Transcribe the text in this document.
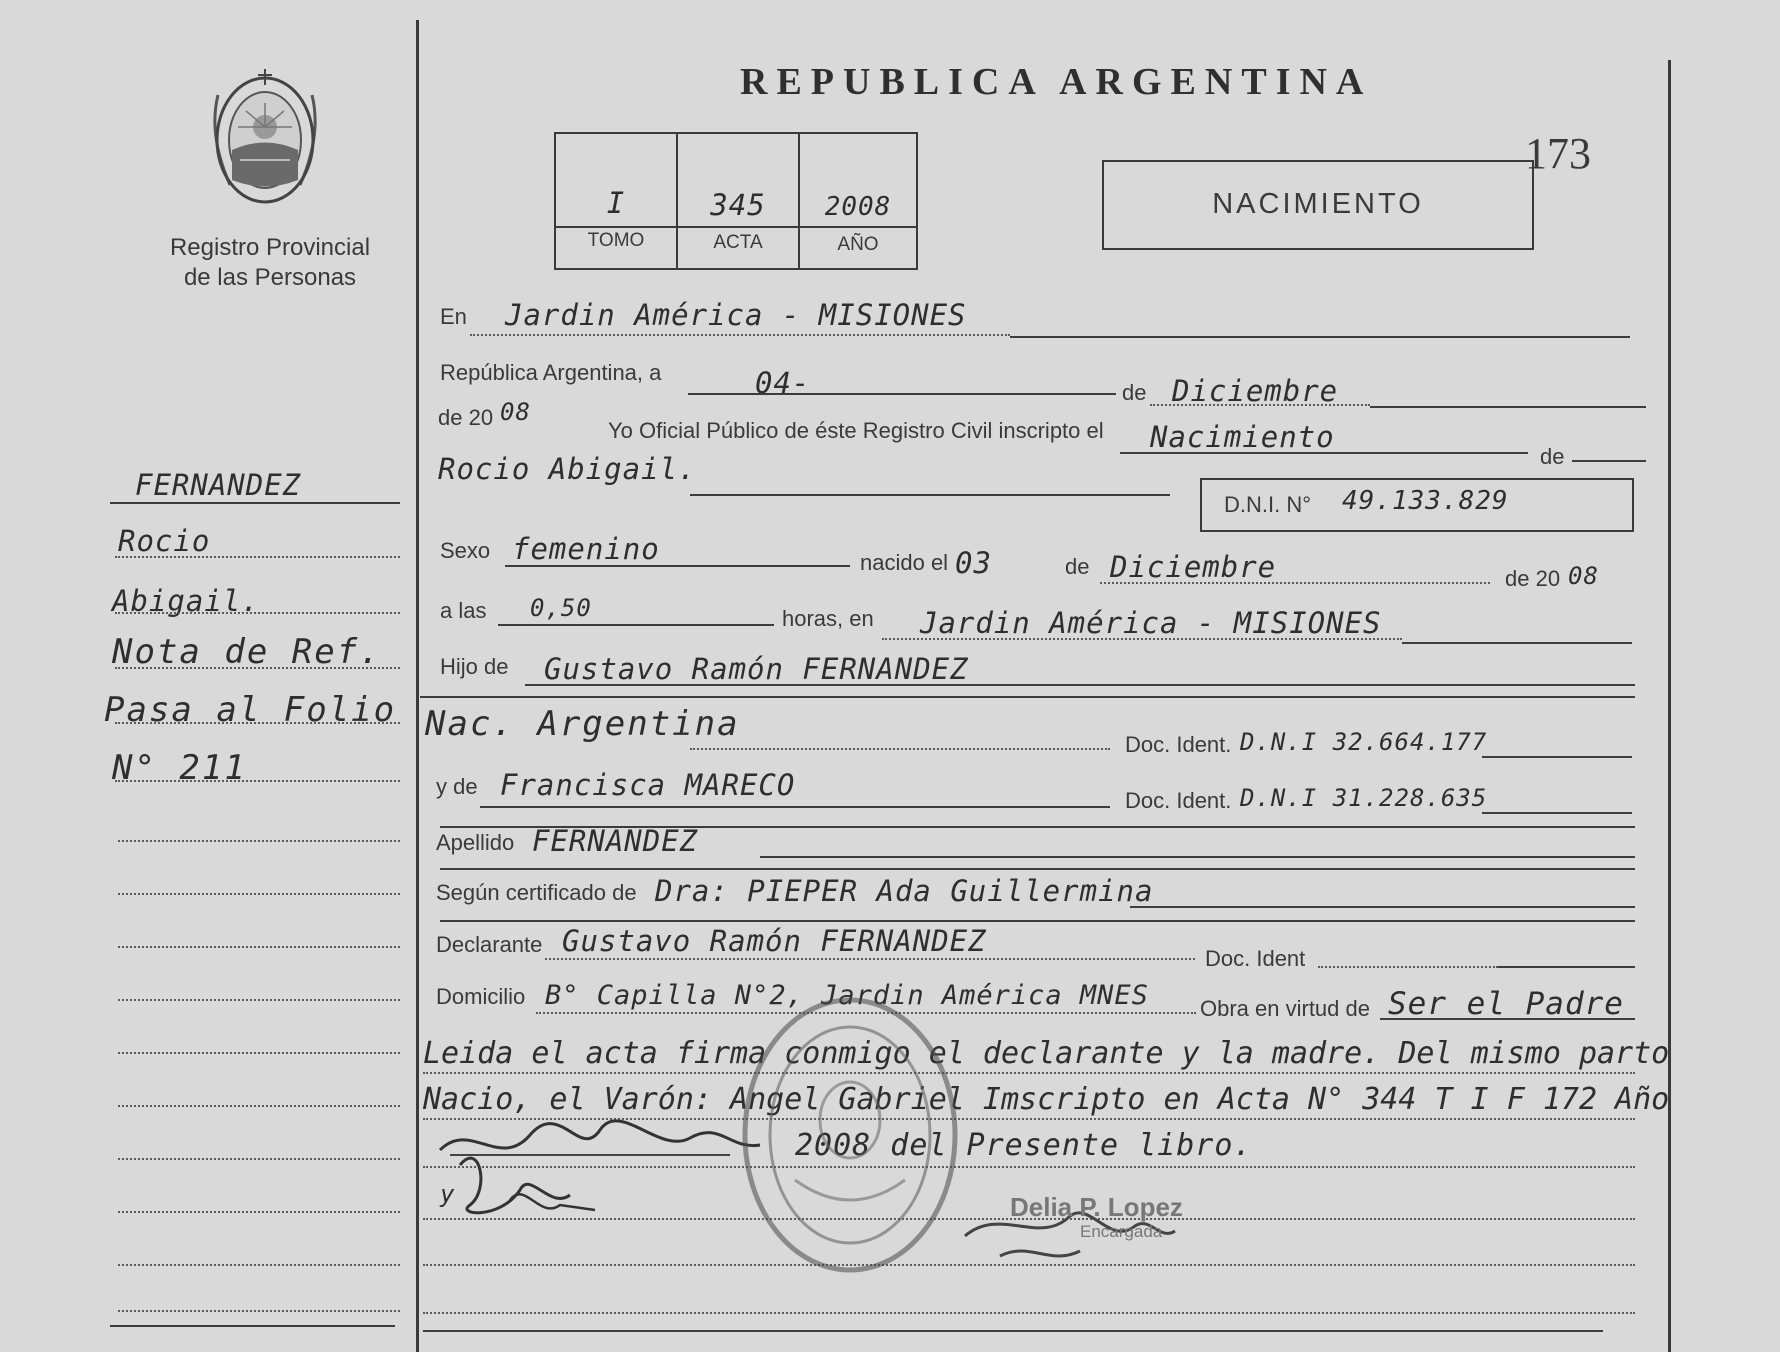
Registro Provincial
de las Personas
REPUBLICA ARGENTINA
173
I	345	2008
TOMO	ACTA	AÑO
NACIMIENTO
FERNANDEZ
Rocio
Abigail.
Nota de Ref.
Pasa al Folio
N° 211
En Jardin América - MISIONES
República Argentina, a	04-	de Diciembre
de 20 08
Yo Oficial Público de éste Registro Civil inscripto el Nacimiento
de
Rocio Abigail.
D.N.I. N° 49.133.829
Sexo femenino	nacido el 03	de Diciembre	de 20 08
a las 0,50	horas, en Jardin América - MISIONES
Hijo de Gustavo Ramón FERNANDEZ
Nac. Argentina
Doc. Ident. D.N.I 32.664.177
y de Francisca MARECO	Doc. Ident. D.N.I 31.228.635
Apellido FERNANDEZ
Según certificado de Dra: PIEPER Ada Guillermina
Declarante Gustavo Ramón FERNANDEZ
Doc. Ident
Domicilio B° Capilla N°2, Jardin América MNES Obra en virtud de Ser el Padre
Leida el acta firma conmigo el declarante y la madre. Del mismo parto
Nacio, el Varón: Angel Gabriel Imscripto en Acta N° 344 T I F 172 Año
2008 del Presente libro.
y	Delia P. Lopez
Encargada
